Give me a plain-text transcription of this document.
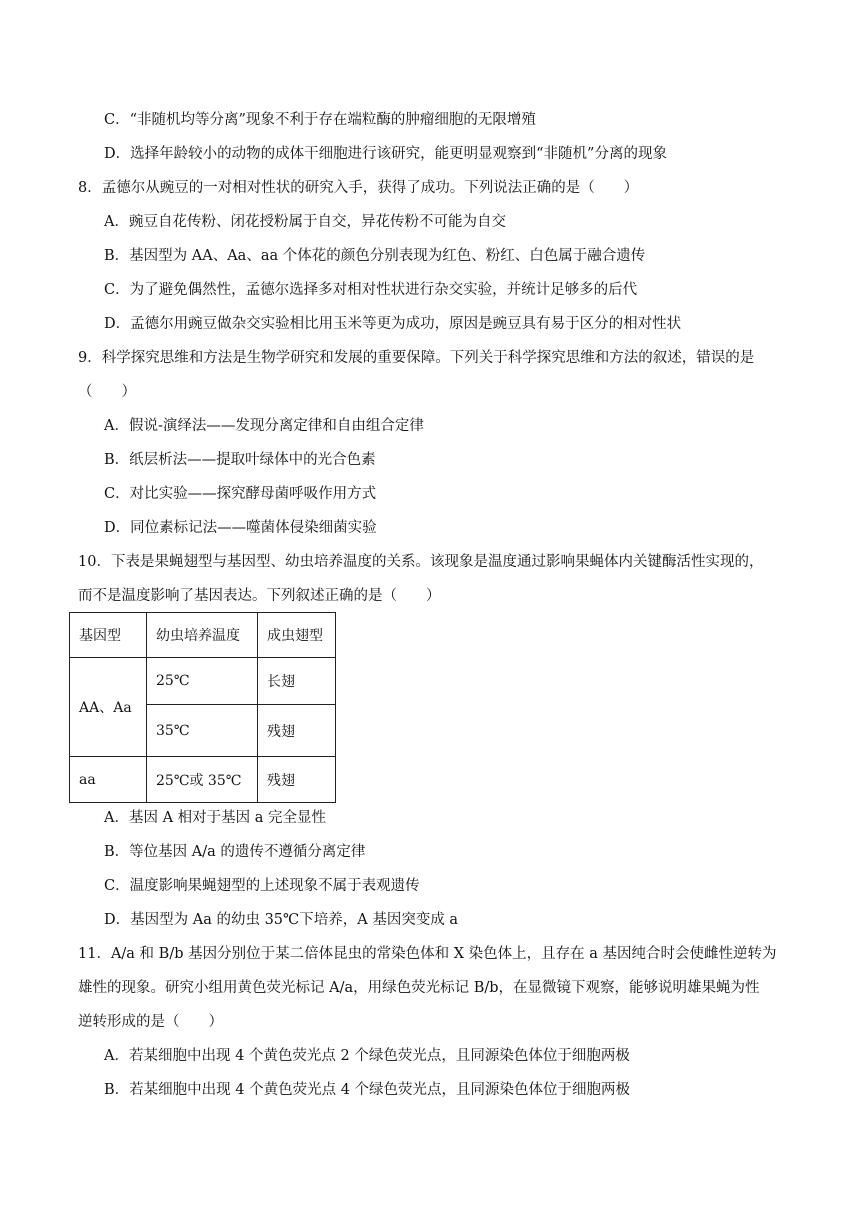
C．“非随机均等分离”现象不利于存在端粒酶的肿瘤细胞的无限增殖
D．选择年龄较小的动物的成体干细胞进行该研究，能更明显观察到“非随机”分离的现象
8．孟德尔从豌豆的一对相对性状的研究入手，获得了成功。下列说法正确的是（　　）
A．豌豆自花传粉、闭花授粉属于自交，异花传粉不可能为自交
B．基因型为 AA、Aa、aa 个体花的颜色分别表现为红色、粉红、白色属于融合遗传
C．为了避免偶然性，孟德尔选择多对相对性状进行杂交实验，并统计足够多的后代
D．孟德尔用豌豆做杂交实验相比用玉米等更为成功，原因是豌豆具有易于区分的相对性状
9．科学探究思维和方法是生物学研究和发展的重要保障。下列关于科学探究思维和方法的叙述，错误的是
（　　）
A．假说-演绎法——发现分离定律和自由组合定律
B．纸层析法——提取叶绿体中的光合色素
C．对比实验——探究酵母菌呼吸作用方式
D．同位素标记法——噬菌体侵染细菌实验
10．下表是果蝇翅型与基因型、幼虫培养温度的关系。该现象是温度通过影响果蝇体内关键酶活性实现的，
而不是温度影响了基因表达。下列叙述正确的是（　　）
基因型	幼虫培养温度	成虫翅型
AA、Aa	25℃	长翅
	35℃	残翅
aa	25℃或 35℃	残翅
A．基因 A 相对于基因 a 完全显性
B．等位基因 A/a 的遗传不遵循分离定律
C．温度影响果蝇翅型的上述现象不属于表观遗传
D．基因型为 Aa 的幼虫 35℃下培养，A 基因突变成 a
11．A/a 和 B/b 基因分别位于某二倍体昆虫的常染色体和 X 染色体上，且存在 a 基因纯合时会使雌性逆转为
雄性的现象。研究小组用黄色荧光标记 A/a，用绿色荧光标记 B/b，在显微镜下观察，能够说明雄果蝇为性
逆转形成的是（　　）
A．若某细胞中出现 4 个黄色荧光点 2 个绿色荧光点，且同源染色体位于细胞两极
B．若某细胞中出现 4 个黄色荧光点 4 个绿色荧光点，且同源染色体位于细胞两极
